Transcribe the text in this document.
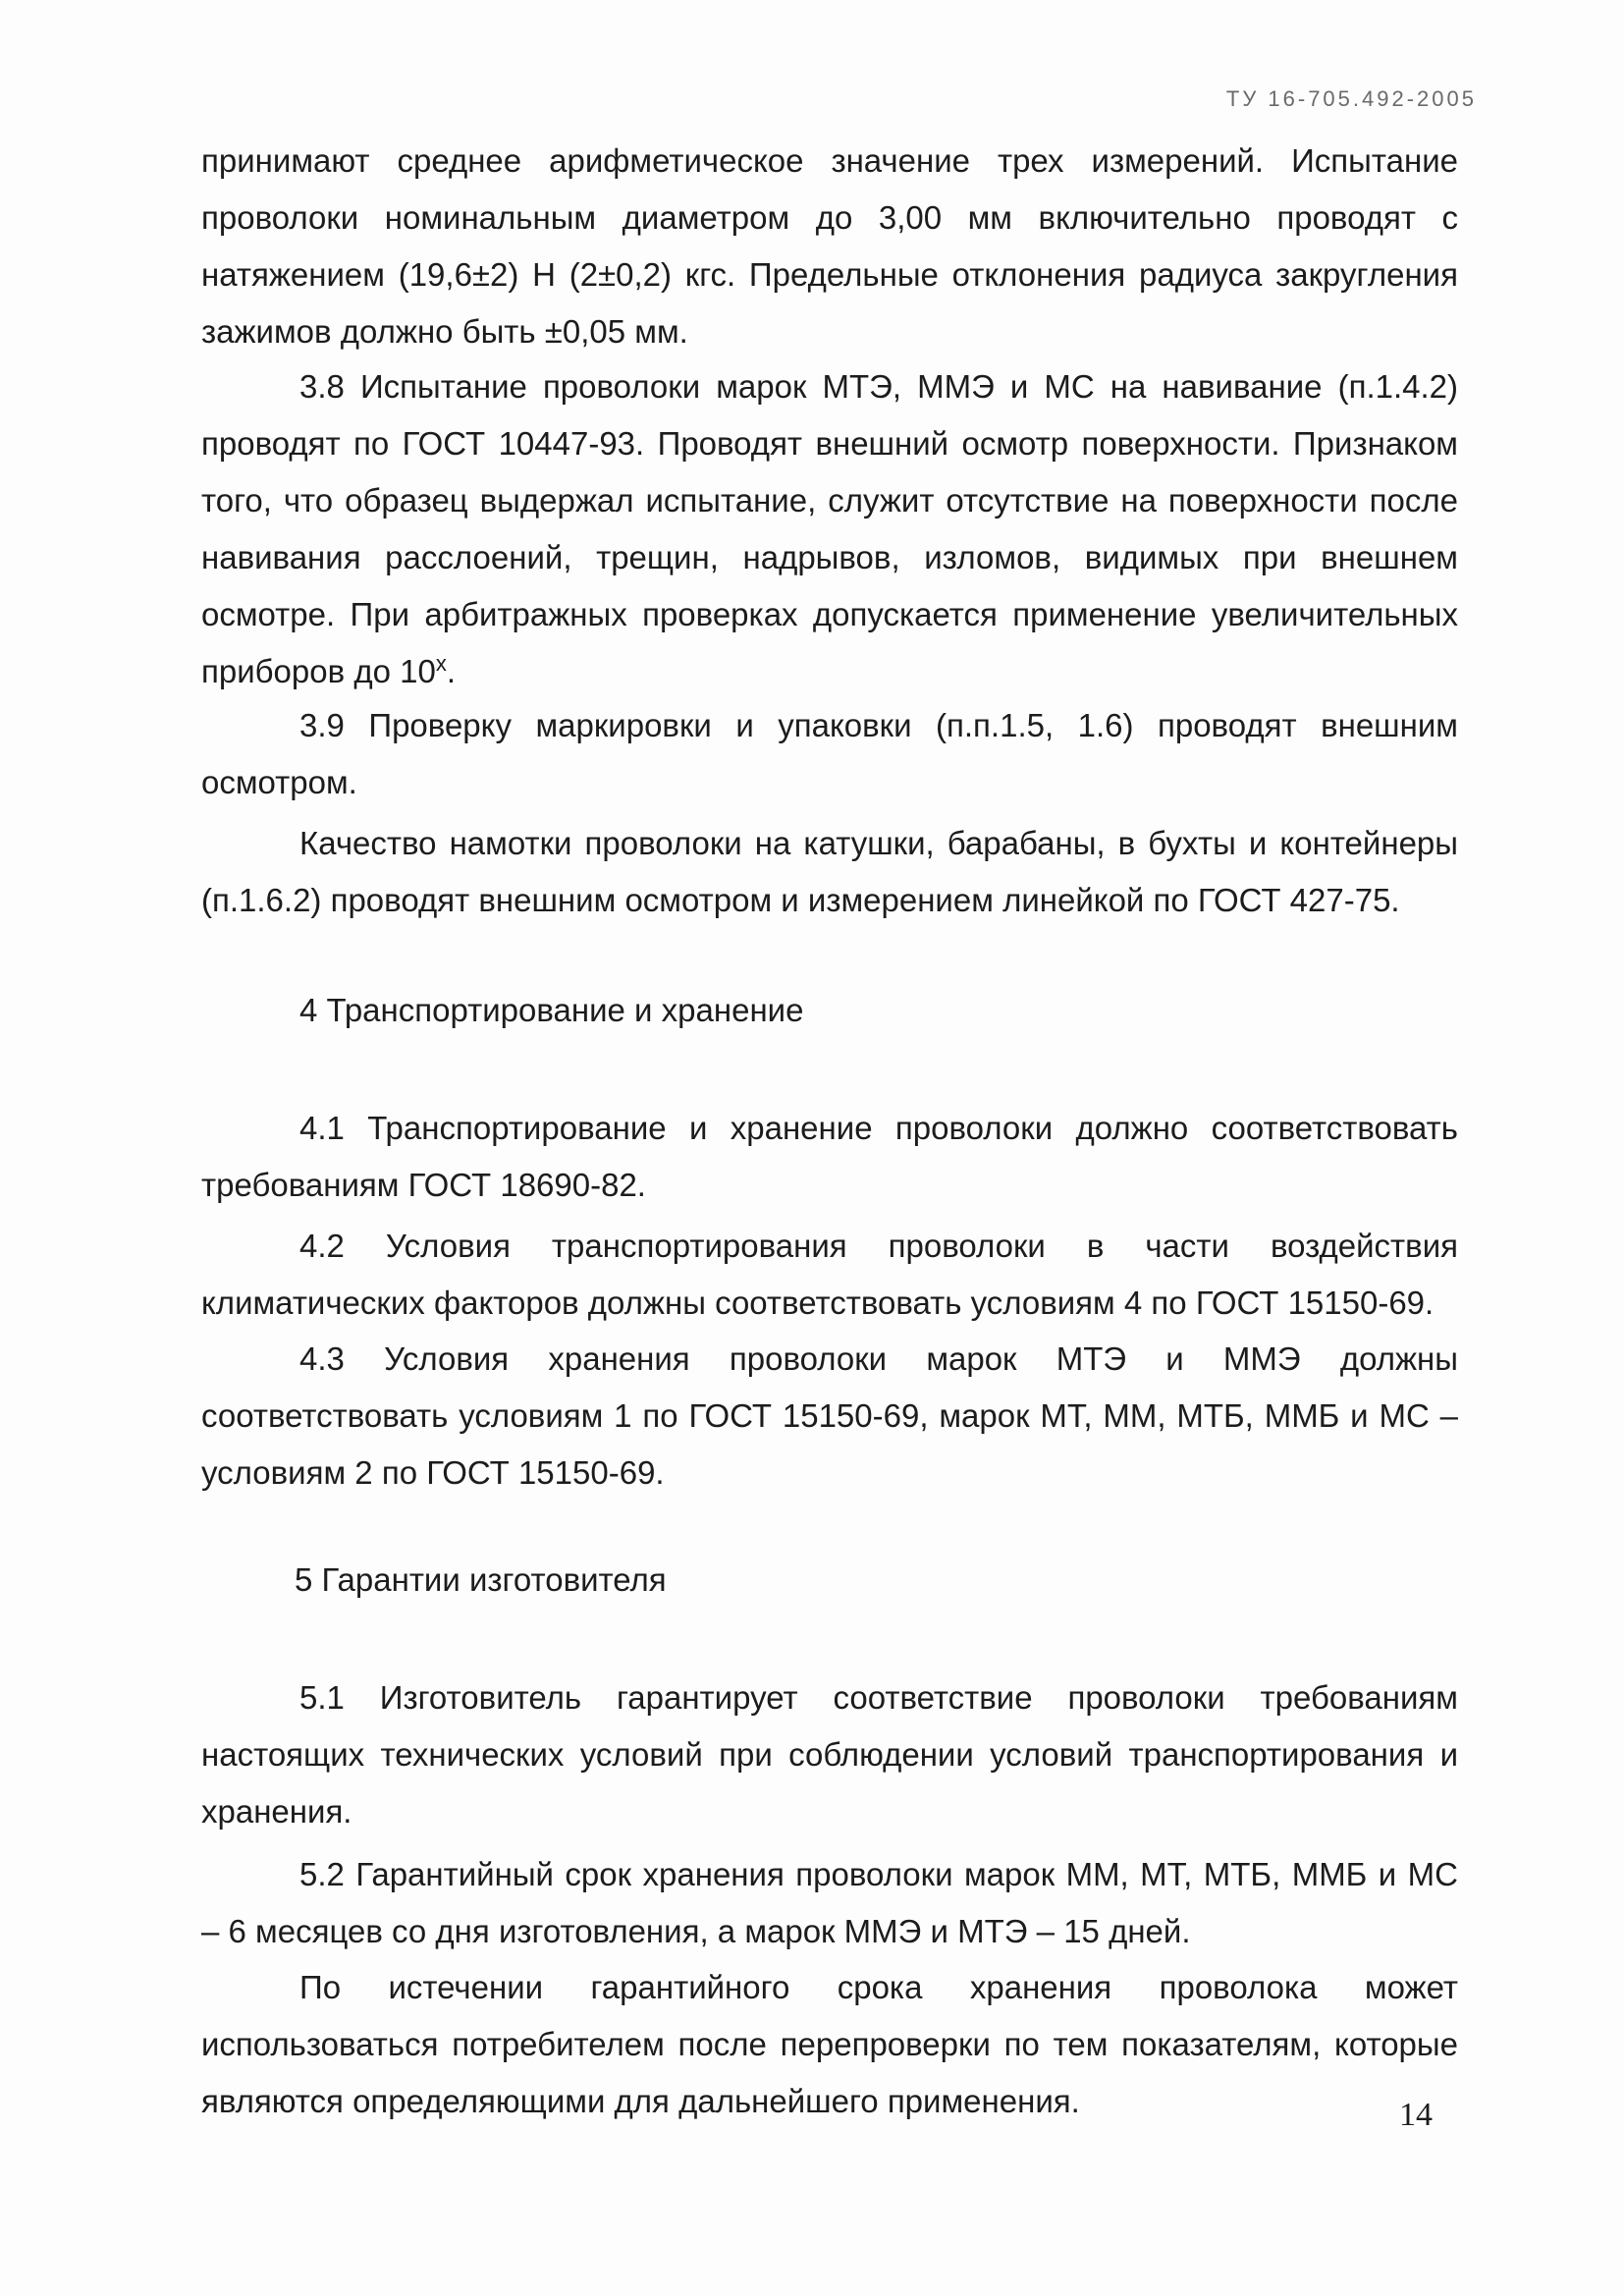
ТУ 16-705.492-2005

принимают среднее арифметическое значение трех измерений. Испытание проволоки номинальным диаметром до 3,00 мм включительно проводят с натяжением (19,6±2) Н (2±0,2) кгс. Предельные отклонения радиуса закругления зажимов должно быть ±0,05 мм.

3.8 Испытание проволоки марок МТЭ, ММЭ и МС на навивание (п.1.4.2) проводят по ГОСТ 10447-93. Проводят внешний осмотр поверхности. Признаком того, что образец выдержал испытание, служит отсутствие на поверхности после навивания расслоений, трещин, надрывов, изломов, видимых при внешнем осмотре. При арбитражных проверках допускается применение увеличительных приборов до $10^х$.

3.9 Проверку маркировки и упаковки (п.п.1.5, 1.6) проводят внешним осмотром.

Качество намотки проволоки на катушки, барабаны, в бухты и контейнеры (п.1.6.2) проводят внешним осмотром и измерением линейкой по ГОСТ 427-75.

4 Транспортирование и хранение

4.1 Транспортирование и хранение проволоки должно соответствовать требованиям ГОСТ 18690-82.

4.2 Условия транспортирования проволоки в части воздействия климатических факторов должны соответствовать условиям 4 по ГОСТ 15150-69.

4.3 Условия хранения проволоки марок МТЭ и ММЭ должны соответствовать условиям 1 по ГОСТ 15150-69, марок МТ, ММ, МТБ, ММБ и МС – условиям 2 по ГОСТ 15150-69.

5 Гарантии изготовителя

5.1 Изготовитель гарантирует соответствие проволоки требованиям настоящих технических условий при соблюдении условий транспортирования и хранения.

5.2 Гарантийный срок хранения проволоки марок ММ, МТ, МТБ, ММБ и МС – 6 месяцев со дня изготовления, а марок ММЭ и МТЭ – 15 дней.

По истечении гарантийного срока хранения проволока может использоваться потребителем после перепроверки по тем показателям, которые являются определяющими для дальнейшего применения.	14
